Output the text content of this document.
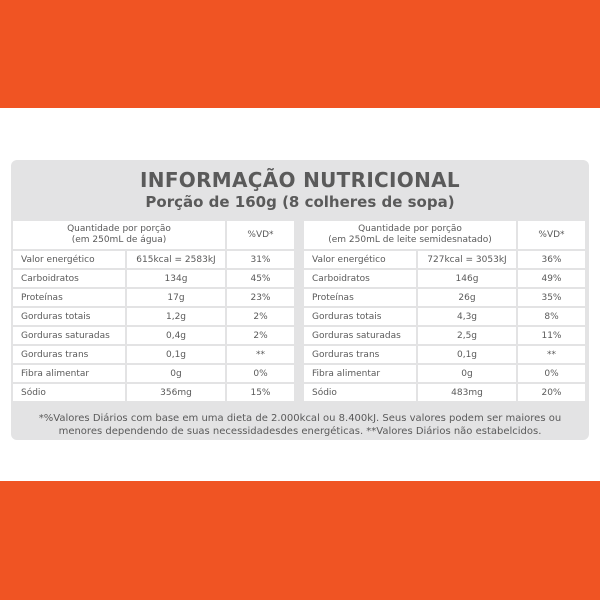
INFORMAÇÃO NUTRICIONAL
Porção de 160g (8 colheres de sopa)
Quantidade por porção
(em 250mL de água)
%VD*
Valor energético	615kcal = 2583kJ	31%
Carboidratos	134g	45%
Proteínas	17g	23%
Gorduras totais	1,2g	2%
Gorduras saturadas	0,4g	2%
Gorduras trans	0,1g	**
Fibra alimentar	0g	0%
Sódio	356mg	15%
Quantidade por porção
(em 250mL de leite semidesnatado)
%VD*
Valor energético	727kcal = 3053kJ	36%
Carboidratos	146g	49%
Proteínas	26g	35%
Gorduras totais	4,3g	8%
Gorduras saturadas	2,5g	11%
Gorduras trans	0,1g	**
Fibra alimentar	0g	0%
Sódio	483mg	20%
*%Valores Diários com base em uma dieta de 2.000kcal ou 8.400kJ. Seus valores podem ser maiores ou
menores dependendo de suas necessidadesdes energéticas. **Valores Diários não estabelcidos.
